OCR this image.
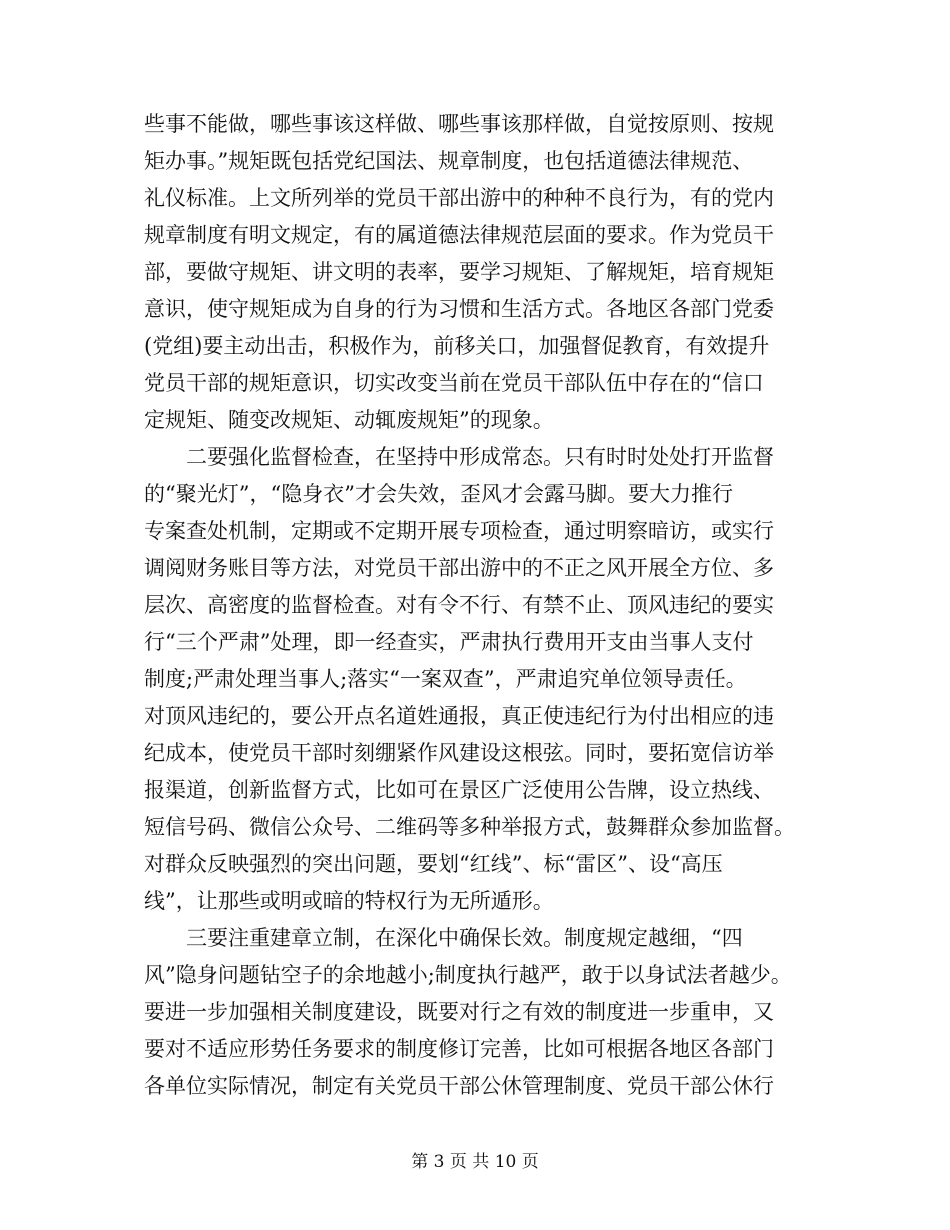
些事不能做，哪些事该这样做、哪些事该那样做，自觉按原则、按规
矩办事。”规矩既包括党纪国法、规章制度，也包括道德法律规范、
礼仪标准。上文所列举的党员干部出游中的种种不良行为，有的党内
规章制度有明文规定，有的属道德法律规范层面的要求。作为党员干
部，要做守规矩、讲文明的表率，要学习规矩、了解规矩，培育规矩
意识，使守规矩成为自身的行为习惯和生活方式。各地区各部门党委
(党组)要主动出击，积极作为，前移关口，加强督促教育，有效提升
党员干部的规矩意识，切实改变当前在党员干部队伍中存在的“信口
定规矩、随变改规矩、动辄废规矩”的现象。
　　二要强化监督检查，在坚持中形成常态。只有时时处处打开监督
的“聚光灯”，“隐身衣”才会失效，歪风才会露马脚。要大力推行
专案查处机制，定期或不定期开展专项检查，通过明察暗访，或实行
调阅财务账目等方法，对党员干部出游中的不正之风开展全方位、多
层次、高密度的监督检查。对有令不行、有禁不止、顶风违纪的要实
行“三个严肃”处理，即一经查实，严肃执行费用开支由当事人支付
制度;严肃处理当事人;落实“一案双查”，严肃追究单位领导责任。
对顶风违纪的，要公开点名道姓通报，真正使违纪行为付出相应的违
纪成本，使党员干部时刻绷紧作风建设这根弦。同时，要拓宽信访举
报渠道，创新监督方式，比如可在景区广泛使用公告牌，设立热线、
短信号码、微信公众号、二维码等多种举报方式，鼓舞群众参加监督。
对群众反映强烈的突出问题，要划“红线”、标“雷区”、设“高压
线”，让那些或明或暗的特权行为无所遁形。
　　三要注重建章立制，在深化中确保长效。制度规定越细，“四
风”隐身问题钻空子的余地越小;制度执行越严，敢于以身试法者越少。
要进一步加强相关制度建设，既要对行之有效的制度进一步重申，又
要对不适应形势任务要求的制度修订完善，比如可根据各地区各部门
各单位实际情况，制定有关党员干部公休管理制度、党员干部公休行
第 3 页 共 10 页
